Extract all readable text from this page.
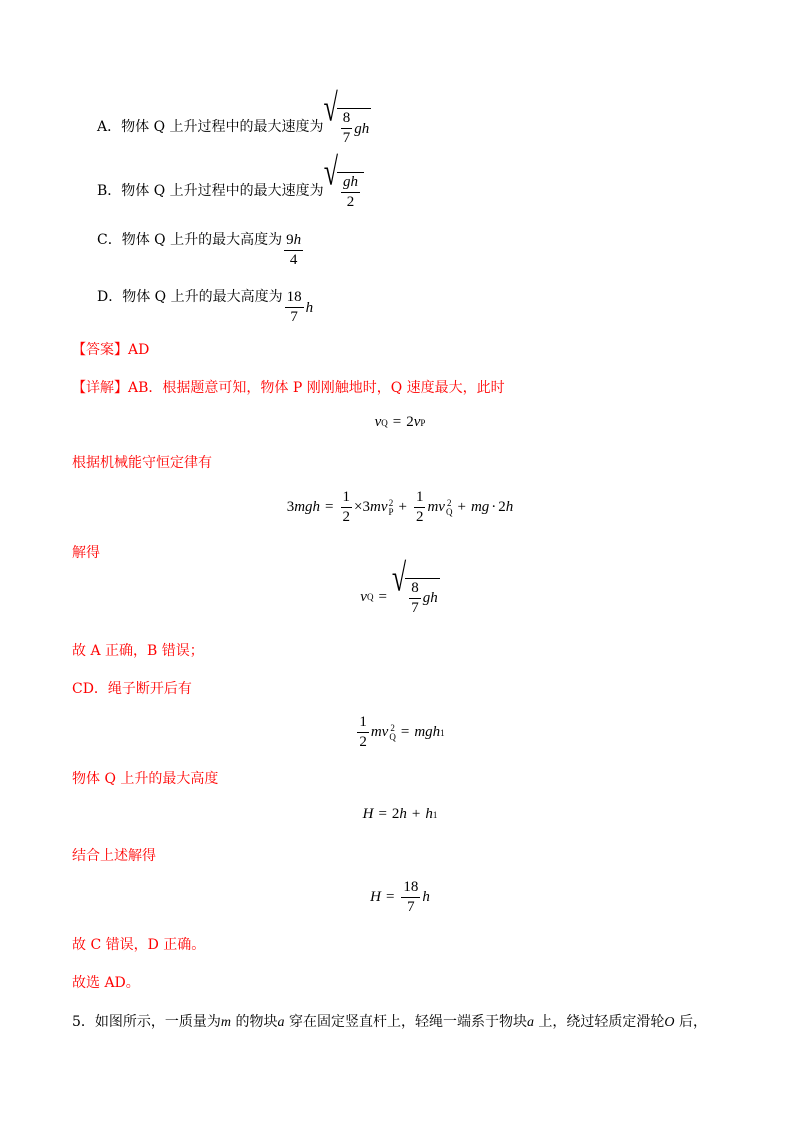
A．物体 Q 上升过程中的最大速度为 √ $\frac{8}{7}$ gh
B．物体 Q 上升过程中的最大速度为 √ $\frac{gh}{2}$
C．物体 Q 上升的最大高度为 $\frac{9h}{4}$
D．物体 Q 上升的最大高度为 $\frac{18}{7}$ h
【答案】AD
【详解】AB．根据题意可知，物体 P 刚刚触地时，Q 速度最大，此时
v Q = 2 v P
根据机械能守恒定律有
3 mgh = $\frac{1}{2} \times 3$ mv 2
$P + \frac{1}{2}$ mv 2
Q + mg · 2 h
解得
v Q = √ $\frac{8}{7}$ gh
故 A 正确，B 错误；
CD．绳子断开后有
$\frac{1}{2}$ mv 2
Q = mgh 1
物体 Q 上升的最大高度
H = 2 h + h 1
结合上述解得
$H = \frac{18}{7}$ h
故 C 错误，D 正确。
故选 AD。
5．如图所示，一质量为m 的物块a 穿在固定竖直杆上，轻绳一端系于物块a 上，绕过轻质定滑轮O 后，
